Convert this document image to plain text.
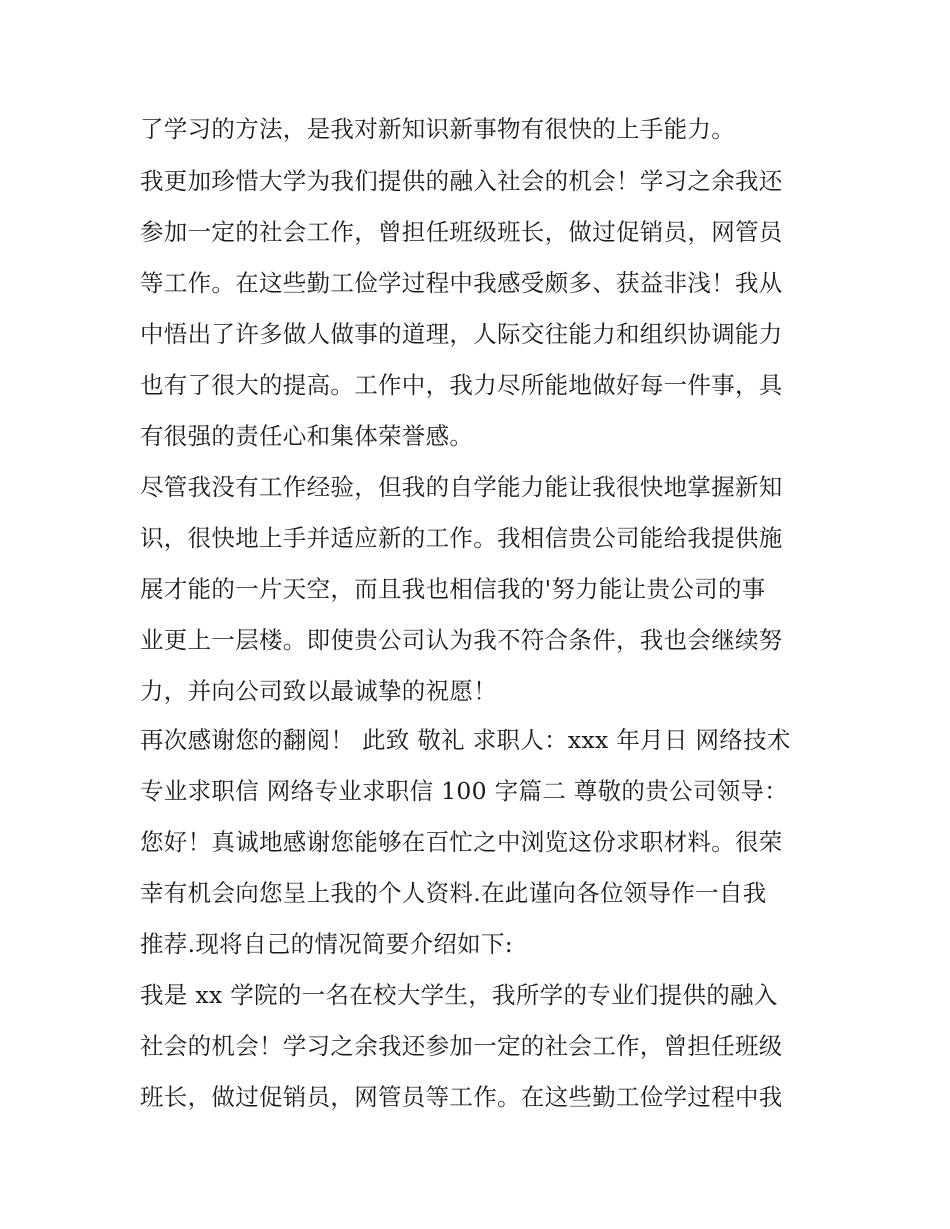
了学习的方法，是我对新知识新事物有很快的上手能力。
我更加珍惜大学为我们提供的融入社会的机会！学习之余我还
参加一定的社会工作，曾担任班级班长，做过促销员，网管员
等工作。在这些勤工俭学过程中我感受颇多、获益非浅！我从
中悟出了许多做人做事的道理，人际交往能力和组织协调能力
也有了很大的提高。工作中，我力尽所能地做好每一件事，具
有很强的责任心和集体荣誉感。
尽管我没有工作经验，但我的自学能力能让我很快地掌握新知
识，很快地上手并适应新的工作。我相信贵公司能给我提供施
展才能的一片天空，而且我也相信我的'努力能让贵公司的事
业更上一层楼。即使贵公司认为我不符合条件，我也会继续努
力，并向公司致以最诚挚的祝愿！
再次感谢您的翻阅！ 此致 敬礼 求职人：xxx 年月日 网络技术
专业求职信 网络专业求职信 100 字篇二 尊敬的贵公司领导：
您好！真诚地感谢您能够在百忙之中浏览这份求职材料。很荣
幸有机会向您呈上我的个人资料.在此谨向各位领导作一自我
推荐.现将自己的情况简要介绍如下:
我是 xx 学院的一名在校大学生，我所学的专业们提供的融入
社会的机会！学习之余我还参加一定的社会工作，曾担任班级
班长，做过促销员，网管员等工作。在这些勤工俭学过程中我
